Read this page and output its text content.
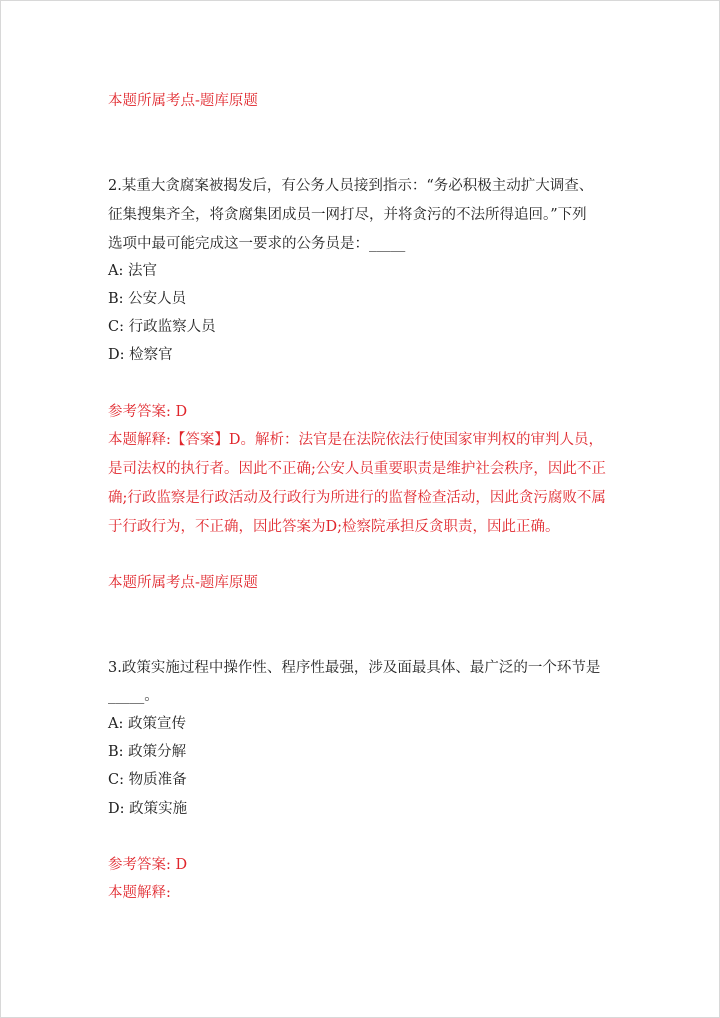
本题所属考点-题库原题

2.某重大贪腐案被揭发后，有公务人员接到指示：“务必积极主动扩大调查、

征集搜集齐全，将贪腐集团成员一网打尽，并将贪污的不法所得追回。”下列

选项中最可能完成这一要求的公务员是：_____

A: 法官

B: 公安人员

C: 行政监察人员

D: 检察官

参考答案: D

本题解释:【答案】D。解析：法官是在法院依法行使国家审判权的审判人员，

是司法权的执行者。因此不正确;公安人员重要职责是维护社会秩序，因此不正

确;行政监察是行政活动及行政行为所进行的监督检查活动，因此贪污腐败不属

于行政行为，不正确，因此答案为D;检察院承担反贪职责，因此正确。

本题所属考点-题库原题

3.政策实施过程中操作性、程序性最强，涉及面最具体、最广泛的一个环节是

_____。

A: 政策宣传

B: 政策分解

C: 物质准备

D: 政策实施

参考答案: D

本题解释:
